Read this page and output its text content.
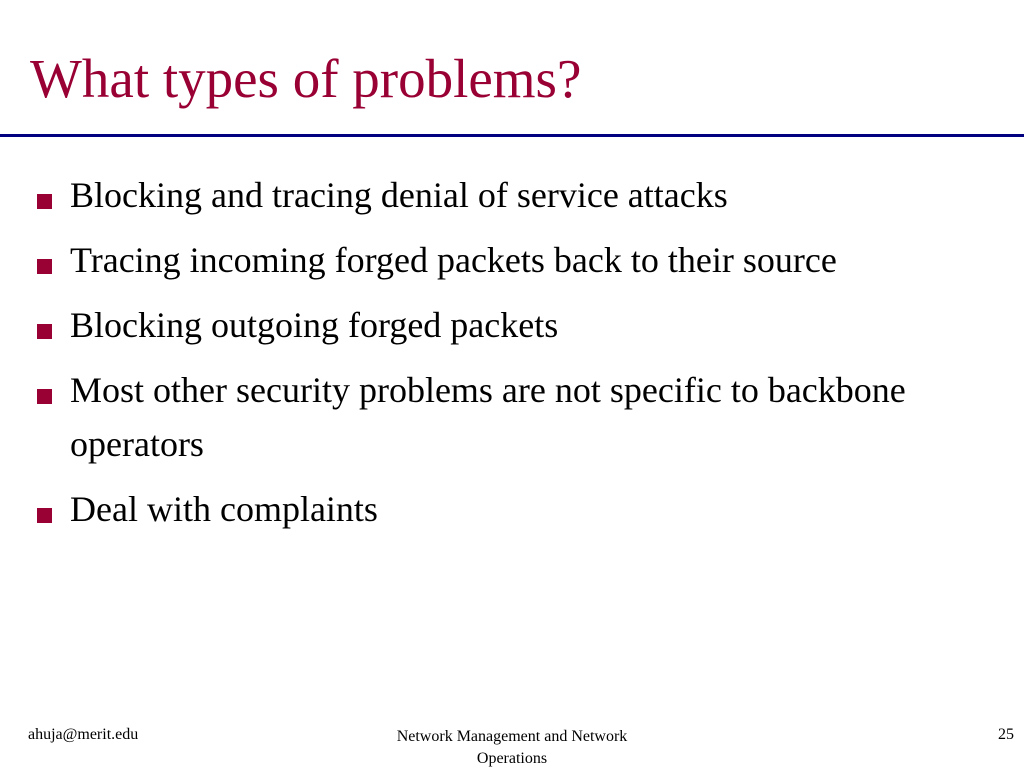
What types of problems?
Blocking and tracing denial of service attacks
Tracing incoming forged packets back to their source
Blocking outgoing forged packets
Most other security problems are not specific to backbone operators
Deal with complaints
ahuja@merit.edu	Network Management and Network Operations
25
